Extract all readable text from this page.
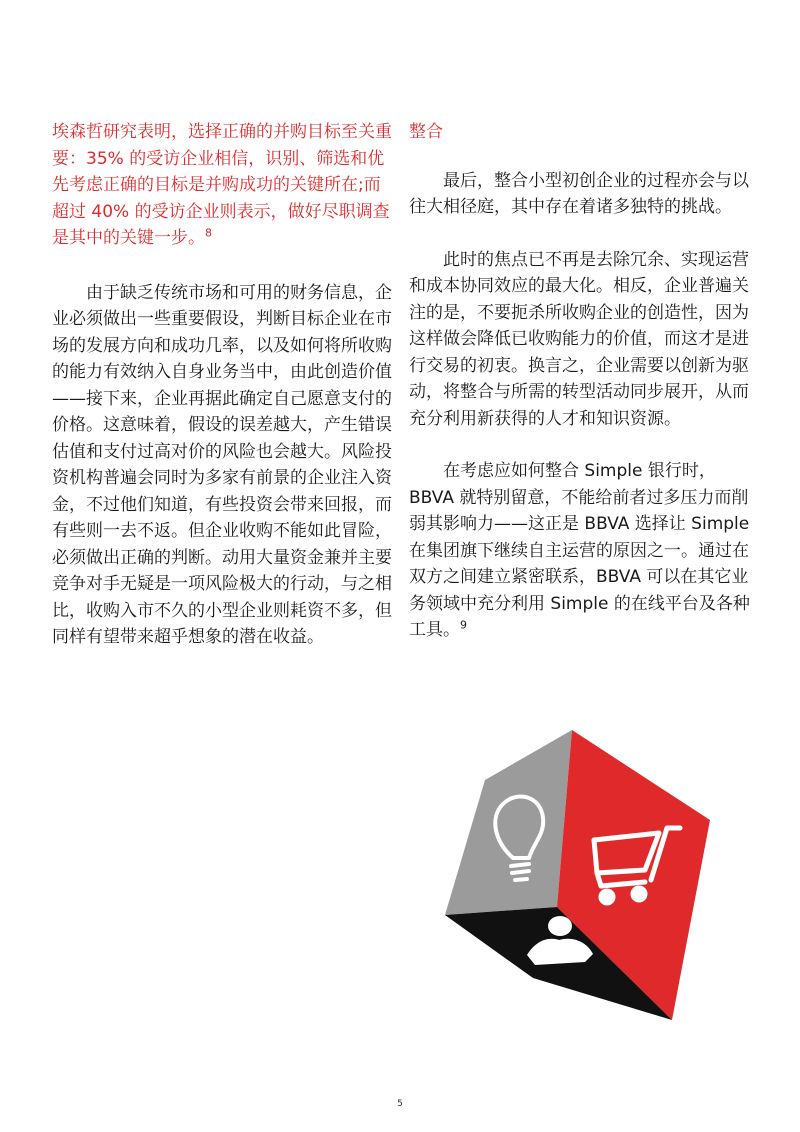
埃森哲研究表明，选择正确的并购目标至关重要：35% 的受访企业相信，识别、筛选和优先考虑正确的目标是并购成功的关键所在;而超过 40% 的受访企业则表示，做好尽职调查是其中的关键一步。$^8$

由于缺乏传统市场和可用的财务信息，企业必须做出一些重要假设，判断目标企业在市场的发展方向和成功几率，以及如何将所收购的能力有效纳入自身业务当中，由此创造价值——接下来，企业再据此确定自己愿意支付的价格。这意味着，假设的误差越大，产生错误估值和支付过高对价的风险也会越大。风险投资机构普遍会同时为多家有前景的企业注入资金，不过他们知道，有些投资会带来回报，而有些则一去不返。但企业收购不能如此冒险，必须做出正确的判断。动用大量资金兼并主要竞争对手无疑是一项风险极大的行动，与之相比，收购入市不久的小型企业则耗资不多，但同样有望带来超乎想象的潜在收益。

整合

最后，整合小型初创企业的过程亦会与以往大相径庭，其中存在着诸多独特的挑战。

此时的焦点已不再是去除冗余、实现运营和成本协同效应的最大化。相反，企业普遍关注的是，不要扼杀所收购企业的创造性，因为这样做会降低已收购能力的价值，而这才是进行交易的初衷。换言之，企业需要以创新为驱动，将整合与所需的转型活动同步展开，从而充分利用新获得的人才和知识资源。

在考虑应如何整合 Simple 银行时，BBVA 就特别留意，不能给前者过多压力而削弱其影响力——这正是 BBVA 选择让 Simple 在集团旗下继续自主运营的原因之一。通过在双方之间建立紧密联系，BBVA 可以在其它业务领域中充分利用 Simple 的在线平台及各种工具。$^9$

5
